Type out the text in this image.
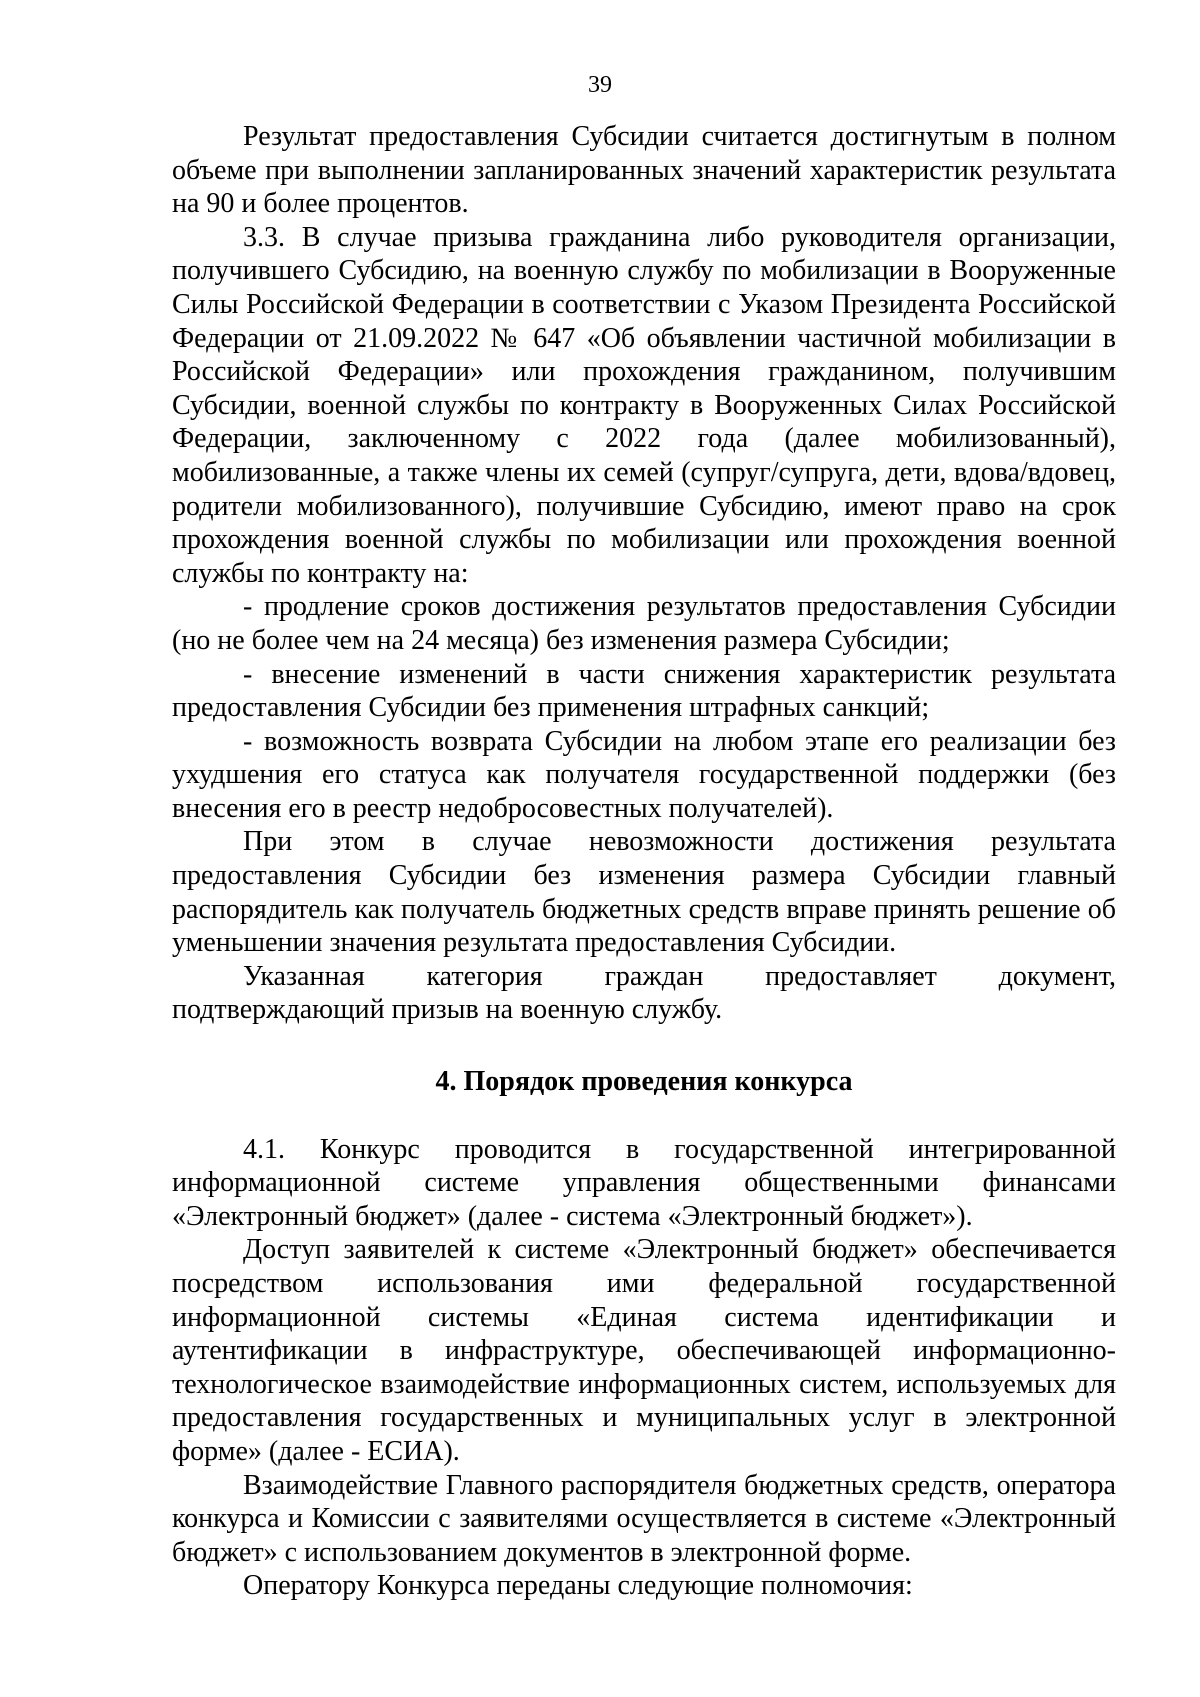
39

Результат предоставления Субсидии считается достигнутым в полном объеме при выполнении запланированных значений характеристик результата на 90 и более процентов.

3.3. В случае призыва гражданина либо руководителя организации, получившего Субсидию, на военную службу по мобилизации в Вооруженные Силы Российской Федерации в соответствии с Указом Президента Российской Федерации от 21.09.2022 № 647 «Об объявлении частичной мобилизации в Российской Федерации» или прохождения гражданином, получившим Субсидии, военной службы по контракту в Вооруженных Силах Российской Федерации, заключенному с 2022 года (далее мобилизованный), мобилизованные, а также члены их семей (супруг/супруга, дети, вдова/вдовец, родители мобилизованного), получившие Субсидию, имеют право на срок прохождения военной службы по мобилизации или прохождения военной службы по контракту на:

- продление сроков достижения результатов предоставления Субсидии (но не более чем на 24 месяца) без изменения размера Субсидии;

- внесение изменений в части снижения характеристик результата предоставления Субсидии без применения штрафных санкций;

- возможность возврата Субсидии на любом этапе его реализации без ухудшения его статуса как получателя государственной поддержки (без внесения его в реестр недобросовестных получателей).

При этом в случае невозможности достижения результата предоставления Субсидии без изменения размера Субсидии главный распорядитель как получатель бюджетных средств вправе принять решение об уменьшении значения результата предоставления Субсидии.

Указанная категория граждан предоставляет документ, подтверждающий призыв на военную службу.

4. Порядок проведения конкурса

4.1. Конкурс проводится в государственной интегрированной информационной системе управления общественными финансами «Электронный бюджет» (далее - система «Электронный бюджет»).

Доступ заявителей к системе «Электронный бюджет» обеспечивается посредством использования ими федеральной государственной информационной системы «Единая система идентификации и аутентификации в инфраструктуре, обеспечивающей информационно-технологическое взаимодействие информационных систем, используемых для предоставления государственных и муниципальных услуг в электронной форме» (далее - ЕСИА).

Взаимодействие Главного распорядителя бюджетных средств, оператора конкурса и Комиссии с заявителями осуществляется в системе «Электронный бюджет» с использованием документов в электронной форме.

Оператору Конкурса переданы следующие полномочия:
